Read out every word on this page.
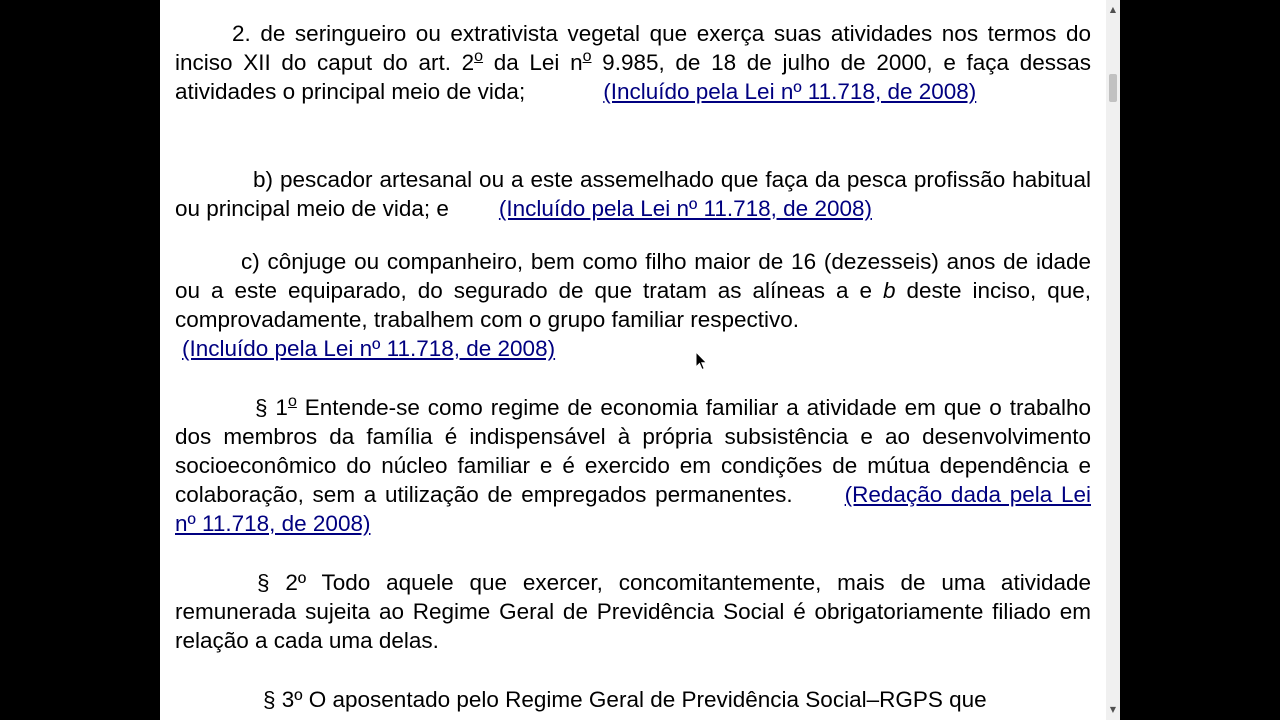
2. de seringueiro ou extrativista vegetal que exerça suas atividades nos termos do inciso XII do caput do art. 2$^o$ da Lei $n^o$ 9.985, de 18 de julho de 2000, e faça dessas atividades o principal meio de vida;	(Incluído pela Lei nº 11.718, de 2008)

b) pescador artesanal ou a este assemelhado que faça da pesca profissão habitual ou principal meio de vida; e (Incluído pela Lei nº 11.718, de 2008)

c) cônjuge ou companheiro, bem como filho maior de 16 (dezesseis) anos de idade ou a este equiparado, do segurado de que tratam as alíneas a e b deste inciso, que, comprovadamente, trabalhem com o grupo familiar respectivo.
(Incluído pela Lei nº 11.718, de 2008)

§ 1$^o$ Entende-se como regime de economia familiar a atividade em que o trabalho dos membros da família é indispensável à própria subsistência e ao desenvolvimento socioeconômico do núcleo familiar e é exercido em condições de mútua dependência e colaboração, sem a utilização de empregados permanentes. (Redação dada pela Lei nº 11.718, de 2008)

§ 2º Todo aquele que exercer, concomitantemente, mais de uma atividade remunerada sujeita ao Regime Geral de Previdência Social é obrigatoriamente filiado em relação a cada uma delas.

§ 3º O aposentado pelo Regime Geral de Previdência Social–RGPS que

▲
▼
